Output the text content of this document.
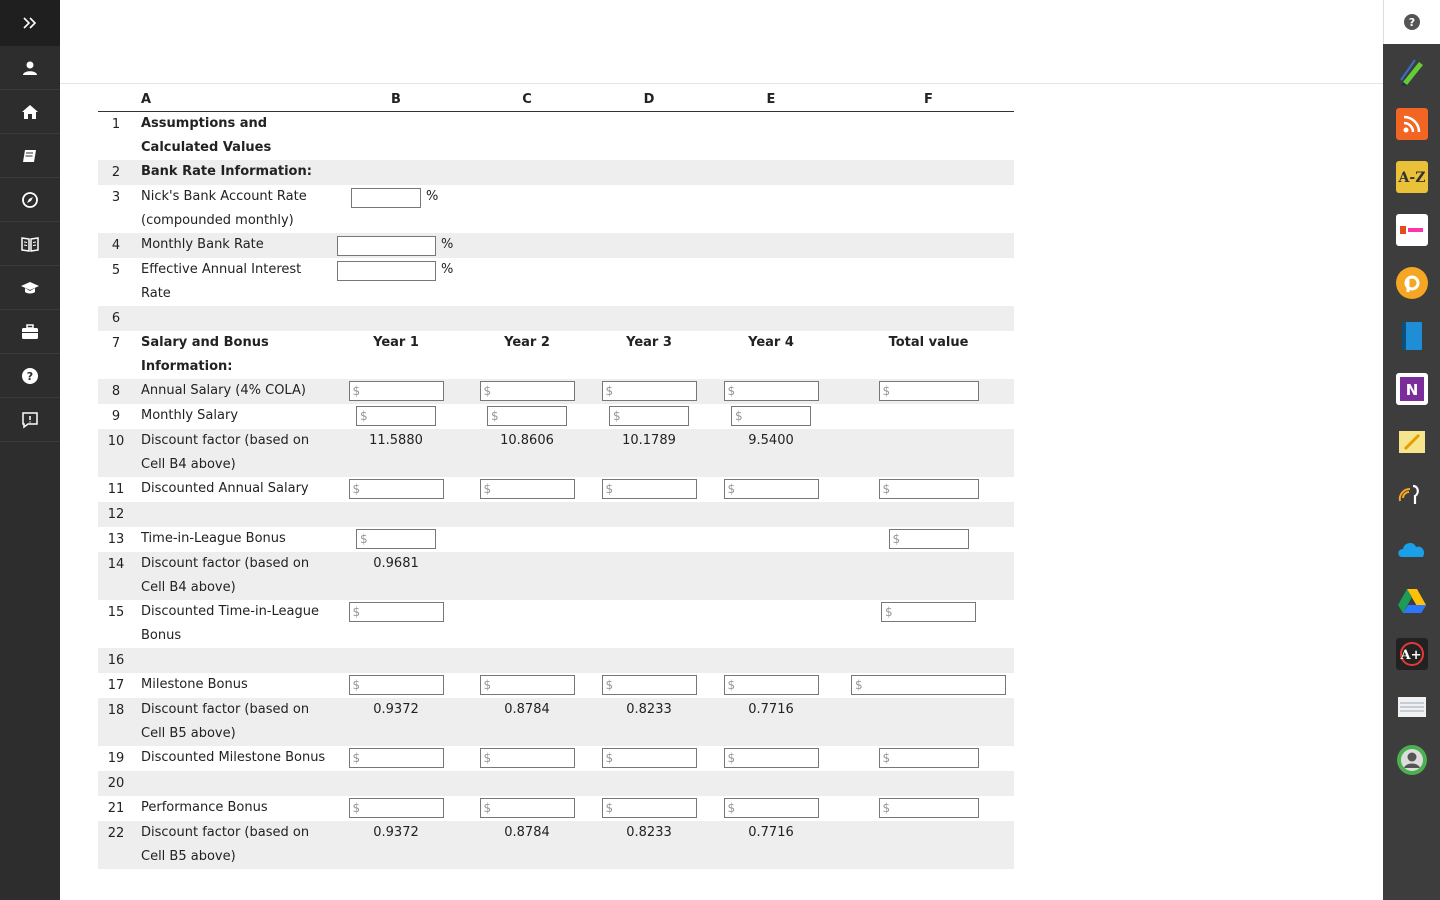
?
	A	B	C	D	E	F
1	Assumptions and Calculated Values					
2	Bank Rate Information:					
3	Nick's Bank Account Rate (compounded monthly)	%				
4	Monthly Bank Rate	%				
5	Effective Annual Interest Rate	%				
6						
7	Salary and Bonus Information:	Year 1	Year 2	Year 3	Year 4	Total value
8	Annual Salary (4% COLA)	$	$	$	$	$
9	Monthly Salary	$	$	$	$	
10	Discount factor (based on Cell B4 above)	11.5880	10.8606	10.1789	9.5400	
11	Discounted Annual Salary	$	$	$	$	$
12						
13	Time-in-League Bonus	$				$
14	Discount factor (based on Cell B4 above)	0.9681				
15	Discounted Time-in-League Bonus	$				$
16						
17	Milestone Bonus	$	$	$	$	$
18	Discount factor (based on Cell B5 above)	0.9372	0.8784	0.8233	0.7716	
19	Discounted Milestone Bonus	$	$	$	$	$
20						
21	Performance Bonus	$	$	$	$	$
22	Discount factor (based on Cell B5 above)	0.9372	0.8784	0.8233	0.7716	
?
A-Z
N
A+
